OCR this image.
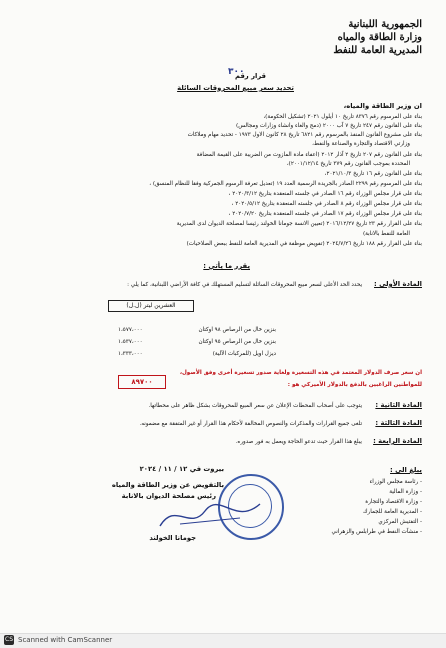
الجمهورية اللبنانية
وزارة الطاقة والمياه
المديرية العامة للنفط
قرار رقم
٣٠٠
تحديد سعر مبيع المحروقات السائلة
ان وزير الطاقة والمياه،
بناء على المرسوم رقم ٨٣٧٦ تاريخ ١٠ أيلول ٢٠٢١ (تشكيل الحكومة)،
بناء على القانون رقم ٢٤٧ تاريخ ٧ آب ٢٠٠٠ (دمج والغاء وانشاء وزارات ومجالس)
بناء على مشروع القانون المنفذ بالمرسوم رقم ٦٨٢١ تاريخ ٢٨ كانون الاول ١٩٧٣ - تحديد مهام وملاكات
وزارتي الاقتصاد والتجارة والصناعة والنفط،
بناء على القانون رقم ٢٠٧ تاريخ ٢ آذار ٢٠١٢ (اعفاء مادة المازوت من الضريبة على القيمة المضافة
المحددة بموجب القانون رقم ٣٧٩ تاريخ ٢٠٠١/١٢/١٤)،
بناء على القانون رقم ١٦ تاريخ ٢٠٢١/١٠/٣،
بناء على المرسوم رقم ٢٢٩٩ الصادر بالجريدة الرسمية العدد ١٩ (تعديل تعرفة الرسوم الجمركية وفقا للنظام المنسق) ،
بناء على قرار مجلس الوزراء رقم ١٦ الصادر في جلسته المنعقدة بتاريخ ٢٠٢٠/٣/١٢ ،
بناء على قرار مجلس الوزراء رقم ٨ الصادر في جلسته المنعقدة بتاريخ ٢٠٢٠/٥/١٢ ،
بناء على قرار مجلس الوزراء رقم ١٧ الصادر في جلسته المنعقدة بتاريخ ٢٠٢٠/٧/٢٠ ،
بناء على القرار رقم ٢٣ تاريخ ٢٠١٦/١٢/٢٧ (تعيين الانسة جومانا الخولند رئيسا لمصلحة الديوان لدى المديرية
العامة للنفط بالانابة)
بناء على القرار رقم ١٨٨ تاريخ ٢٠٢٤/٧/٢٦ (تفويض موظفة في المديرية العامة للنفط ببعض الصلاحيات)
يقرر ما يأتي :
المادة الأولى :
يحدد الحد الأعلى لسعر مبيع المحروقات السائلة لتسليم المستهلك في كافة الأراضي اللبنانية، كما يلي :
(ل.ل) العشرين ليتر
بنزين خال من الرصاص ٩٨ اوكتان
١،٥٧٧،٠٠٠
بنزين خال من الرصاص ٩٥ اوكتان
١،٥٣٧،٠٠٠
ديزل اويل (للمركبات الآلية)
١،٣٣٣،٠٠٠
ان سعر صرف الدولار المعتمد في هذه التسعيرة ولغاية صدور تسعيرة أخرى وفق الأصول،
للمواطنين الراغبين بالدفع بالدولار الأميركي هو :
٨٩٧٠٠
المادة الثانية :
يتوجب على أصحاب المحطات الإعلان عن سعر المبيع للمحروقات بشكل ظاهر على محطاتها.
المادة الثالثة :
تلغى جميع القرارات والمذكرات والنصوص المخالفة لأحكام هذا القرار أو غير المتفقة مع مضمونه.
المادة الرابعة :
يبلغ هذا القرار حيث تدعو الحاجة ويعمل به فور صدوره.
بيروت في ١٢ / ١١ / ٢٠٢٤
بالتفويض عن وزير الطاقة والمياه
رئيس مصلحة الديوان بالانابة
جومانا الخولند
يبلغ الى :
- رئاسة مجلس الوزراء
- وزارة المالية
- وزارة الاقتصاد والتجارة
- المديرية العامة للجمارك
- التفتيش المركزي
- منشآت النفط في طرابلس والزهراني
CS Scanned with CamScanner
